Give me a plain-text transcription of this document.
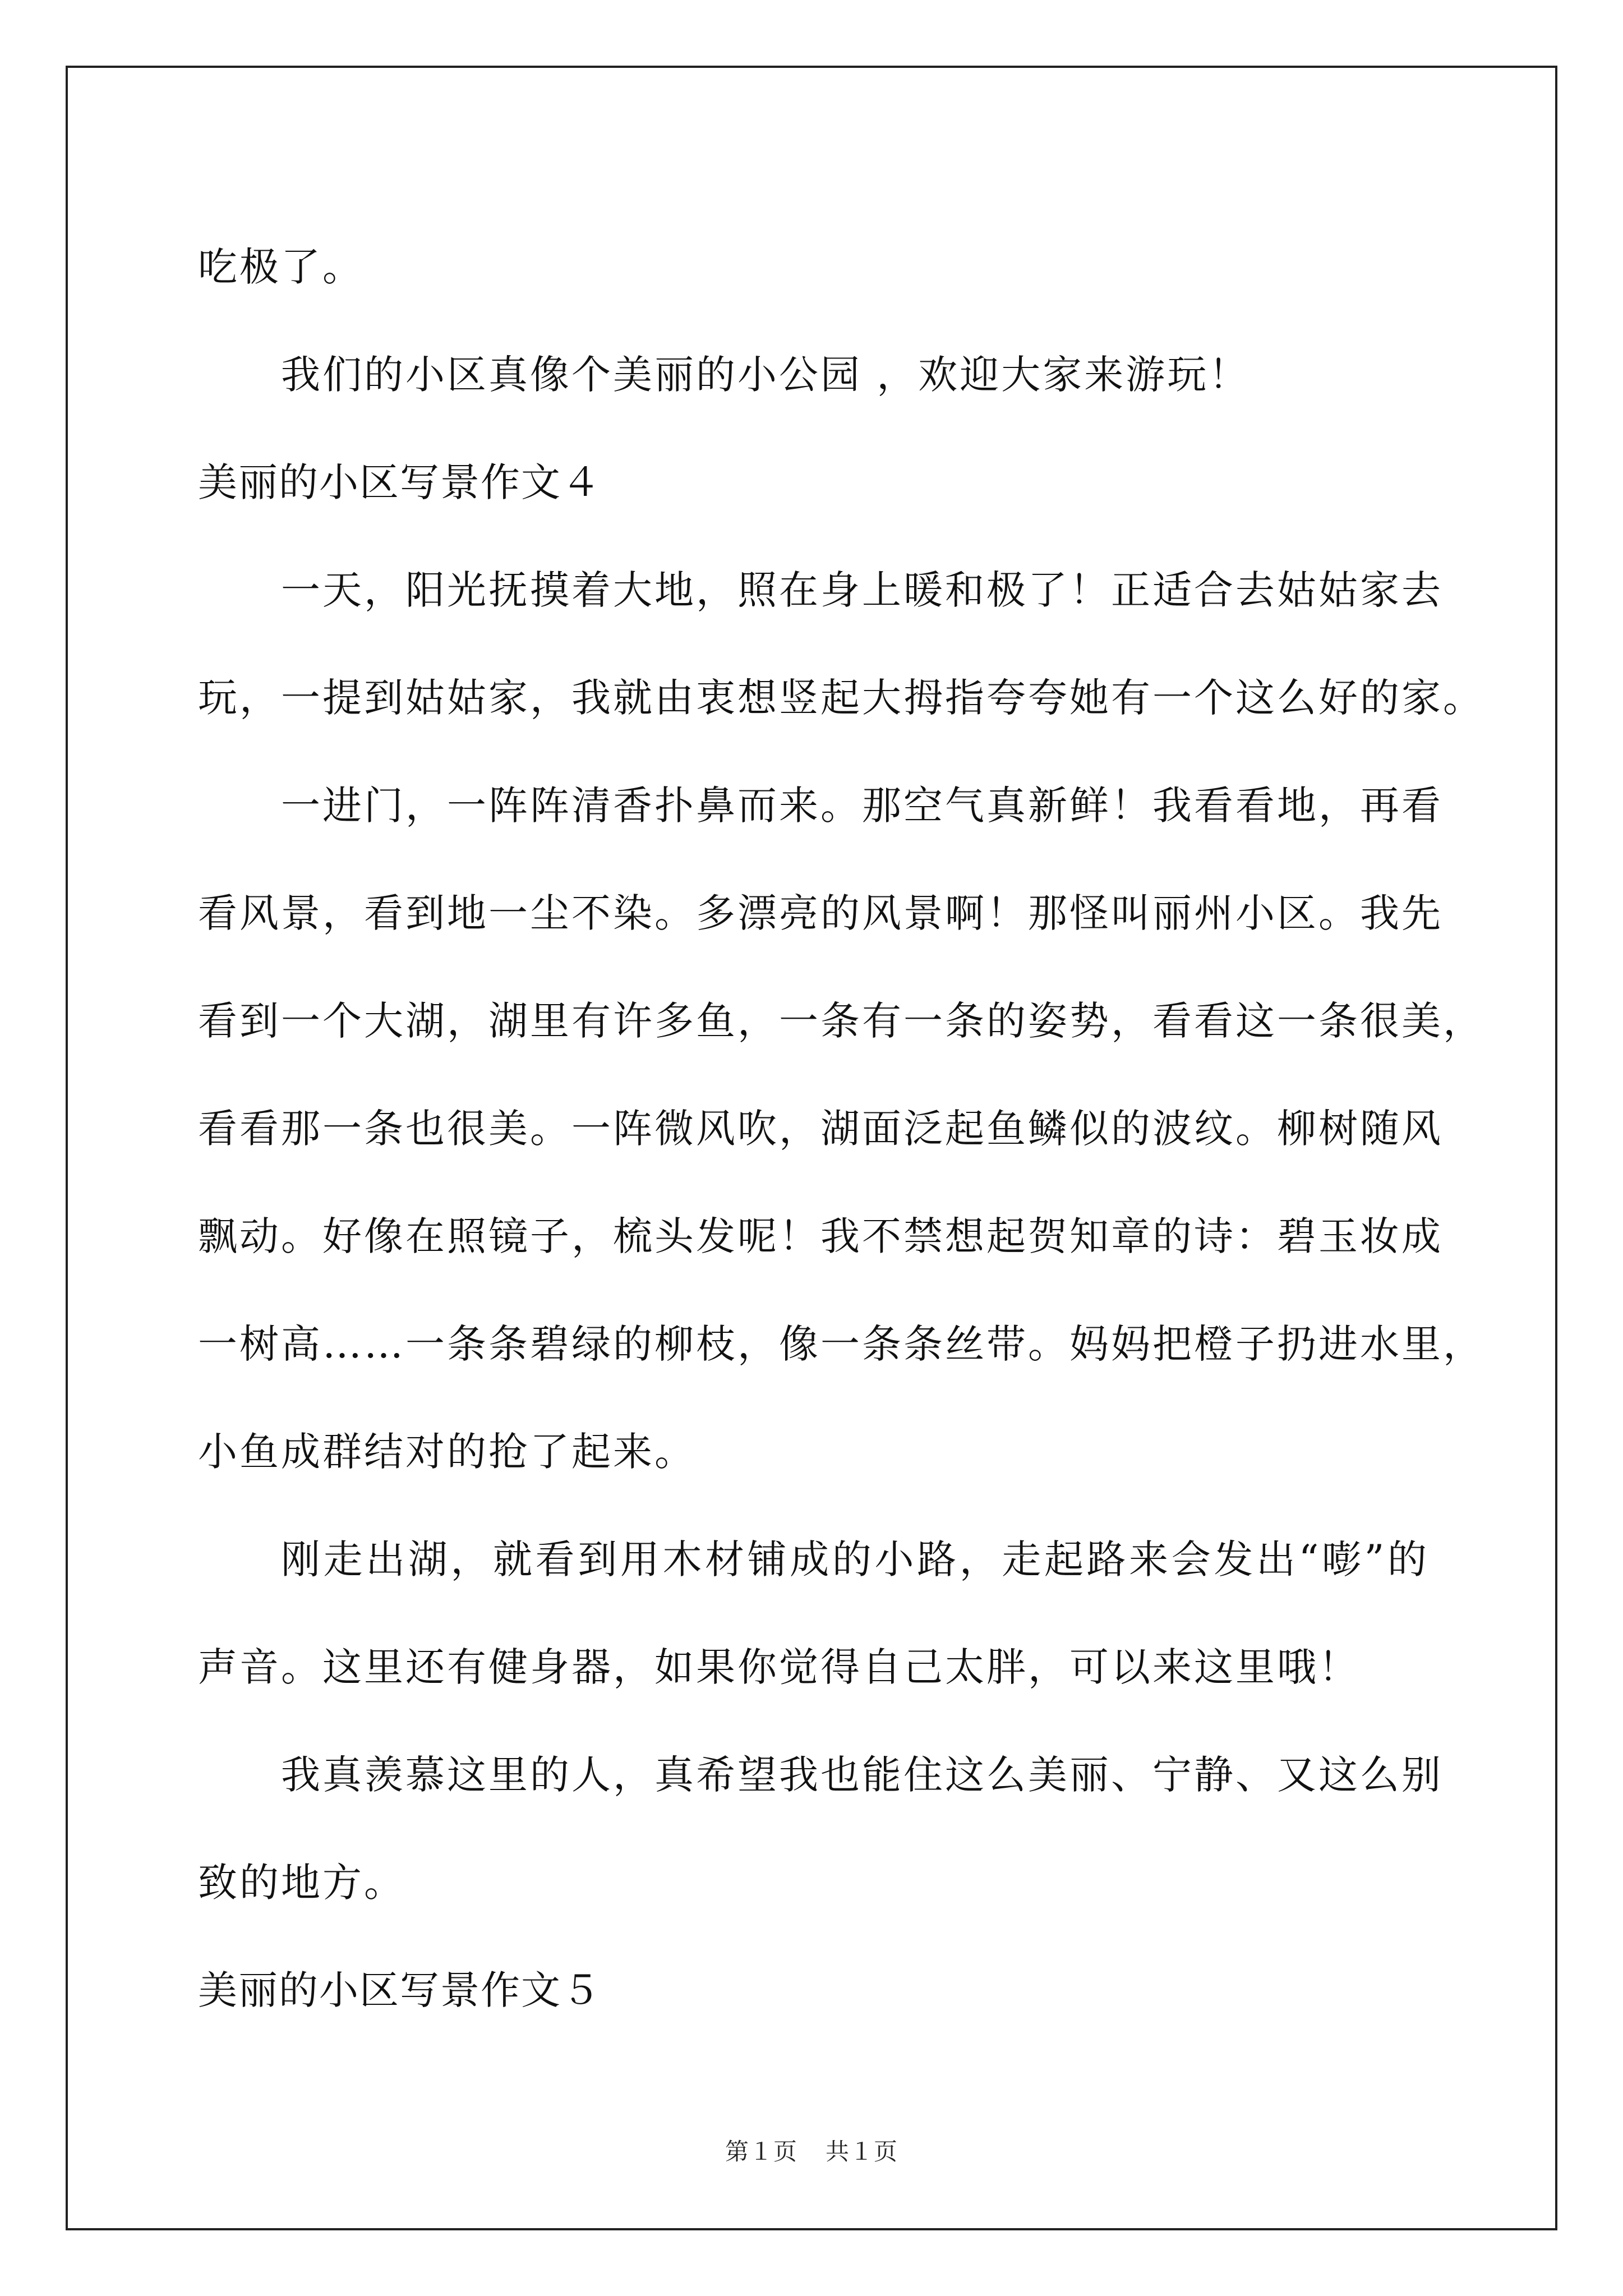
吃极了。
我们的小区真像个美丽的小公园 ，欢迎大家来游玩！
美丽的小区写景作文４
一天，阳光抚摸着大地，照在身上暖和极了！正适合去姑姑家去
玩，一提到姑姑家，我就由衷想竖起大拇指夸夸她有一个这么好的家。
一进门，一阵阵清香扑鼻而来。那空气真新鲜！我看看地，再看
看风景，看到地一尘不染。多漂亮的风景啊！那怪叫丽州小区。我先
看到一个大湖，湖里有许多鱼，一条有一条的姿势，看看这一条很美，
看看那一条也很美。一阵微风吹，湖面泛起鱼鳞似的波纹。柳树随风
飘动。好像在照镜子，梳头发呢！我不禁想起贺知章的诗：碧玉妆成
一树高……一条条碧绿的柳枝，像一条条丝带。妈妈把橙子扔进水里，
小鱼成群结对的抢了起来。
刚走出湖，就看到用木材铺成的小路，走起路来会发出“嘭”的
声音。这里还有健身器，如果你觉得自己太胖，可以来这里哦！
我真羡慕这里的人，真希望我也能住这么美丽、宁静、又这么别
致的地方。
美丽的小区写景作文５
第１页 共１页
